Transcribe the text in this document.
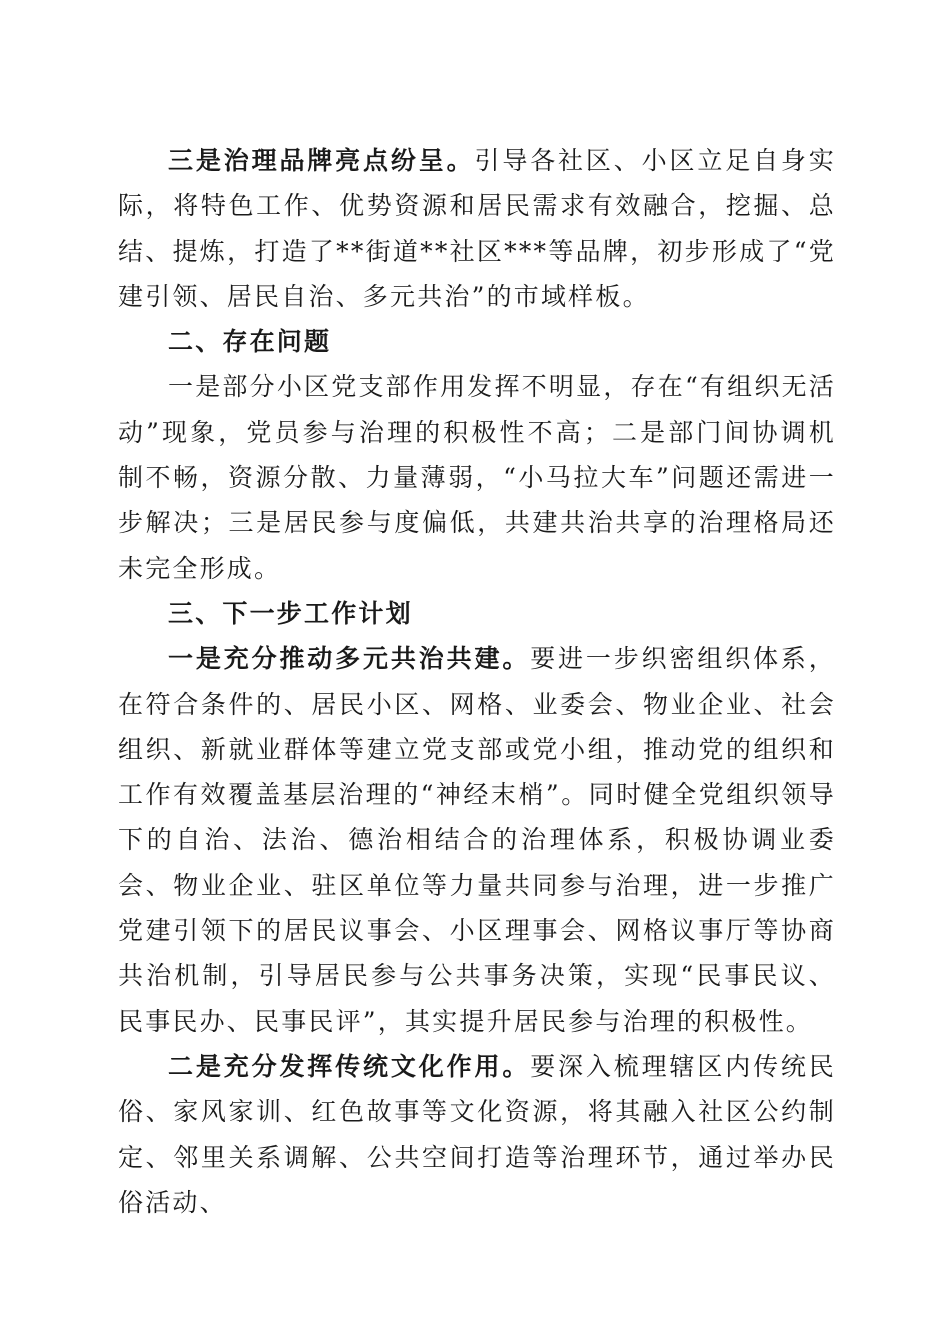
三是治理品牌亮点纷呈。引导各社区、小区立足自身实际，将特色工作、优势资源和居民需求有效融合，挖掘、总结、提炼，打造了**街道**社区***等品牌，初步形成了“党建引领、居民自治、多元共治”的市域样板。

二、存在问题

一是部分小区党支部作用发挥不明显，存在“有组织无活动”现象，党员参与治理的积极性不高；二是部门间协调机制不畅，资源分散、力量薄弱，“小马拉大车”问题还需进一步解决；三是居民参与度偏低，共建共治共享的治理格局还未完全形成。

三、下一步工作计划

一是充分推动多元共治共建。要进一步织密组织体系，在符合条件的、居民小区、网格、业委会、物业企业、社会组织、新就业群体等建立党支部或党小组，推动党的组织和工作有效覆盖基层治理的“神经末梢”。同时健全党组织领导下的自治、法治、德治相结合的治理体系，积极协调业委会、物业企业、驻区单位等力量共同参与治理，进一步推广党建引领下的居民议事会、小区理事会、网格议事厅等协商共治机制，引导居民参与公共事务决策，实现“民事民议、民事民办、民事民评”，其实提升居民参与治理的积极性。

二是充分发挥传统文化作用。要深入梳理辖区内传统民俗、家风家训、红色故事等文化资源，将其融入社区公约制定、邻里关系调解、公共空间打造等治理环节，通过举办民俗活动、
